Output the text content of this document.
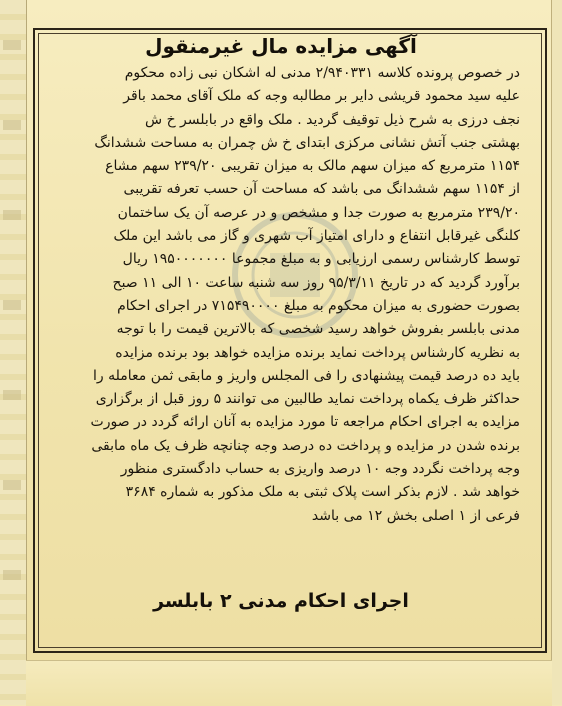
آگهی مزایده مال غیرمنقول

در خصوص پرونده کلاسه ۲/۹۴۰۳۳۱ مدنی له اشکان نبی زاده محکوم

علیه سید محمود قریشی دایر بر مطالبه وجه که ملک آقای محمد باقر

نجف درزی به شرح ذیل توقیف گردید . ملک واقع در بابلسر خ ش

بهشتی جنب آتش نشانی مرکزی ابتدای خ ش چمران به مساحت ششدانگ

۱۱۵۴ مترمربع که میزان سهم مالک به میزان تقریبی ۲۳۹/۲۰ سهم مشاع

از ۱۱۵۴ سهم ششدانگ می باشد که مساحت آن حسب تعرفه تقریبی

۲۳۹/۲۰ مترمربع به صورت جدا و مشخص و در عرصه آن یک ساختمان

کلنگی غیرقابل انتفاع و دارای امتیاز آب شهری و گاز می باشد این ملک

توسط کارشناس رسمی ارزیابی و به مبلغ مجموعا ۱۹۵۰۰۰۰۰۰۰ ریال

برآورد گردید که در تاریخ ۹۵/۳/۱۱ روز سه شنبه ساعت ۱۰ الی ۱۱ صبح

بصورت حضوری به میزان محکوم به مبلغ ۷۱۵۴۹۰۰۰۰ در اجرای احکام

مدنی بابلسر بفروش خواهد رسید شخصی که بالاترین قیمت را با توجه

به نظریه کارشناس پرداخت نماید برنده مزایده خواهد بود برنده مزایده

باید ده درصد قیمت پیشنهادی را فی المجلس واریز و مابقی ثمن معامله را

حداکثر ظرف یکماه پرداخت نماید طالبین می توانند ۵ روز قبل از برگزاری

مزایده به اجرای احکام مراجعه تا مورد مزایده به آنان ارائه گردد در صورت

برنده شدن در مزایده و پرداخت ده درصد وجه چنانچه ظرف یک ماه مابقی

وجه پرداخت نگردد وجه ۱۰ درصد واریزی به حساب دادگستری منظور

خواهد شد . لازم بذکر است پلاک ثبتی به ملک مذکور به شماره ۳۶۸۴

فرعی از ۱ اصلی بخش ۱۲ می باشد

اجرای احکام مدنی ۲ بابلسر
